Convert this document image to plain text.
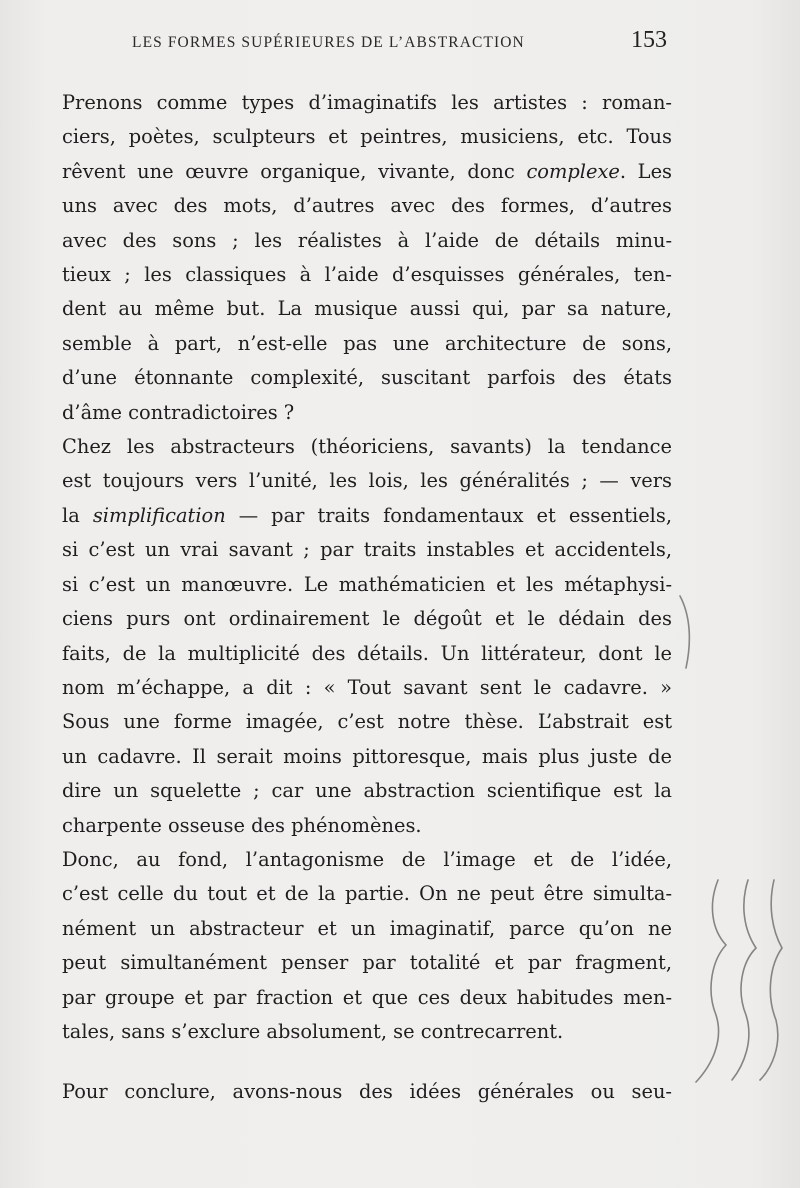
LES FORMES SUPÉRIEURES DE L’ABSTRACTION	153

Prenons comme types d’imaginatifs les artistes : roman-
ciers, poètes, sculpteurs et peintres, musiciens, etc. Tous
rêvent une œuvre organique, vivante, donc complexe. Les
uns avec des mots, d’autres avec des formes, d’autres
avec des sons ; les réalistes à l’aide de détails minu-
tieux ; les classiques à l’aide d’esquisses générales, ten-
dent au même but. La musique aussi qui, par sa nature,
semble à part, n’est-elle pas une architecture de sons,
d’une étonnante complexité, suscitant parfois des états
d’âme contradictoires ?

Chez les abstracteurs (théoriciens, savants) la tendance
est toujours vers l’unité, les lois, les généralités ; — vers
la simplification — par traits fondamentaux et essentiels,
si c’est un vrai savant ; par traits instables et accidentels,
si c’est un manœuvre. Le mathématicien et les métaphysi-
ciens purs ont ordinairement le dégoût et le dédain des
faits, de la multiplicité des détails. Un littérateur, dont le
nom m’échappe, a dit : « Tout savant sent le cadavre. »
Sous une forme imagée, c’est notre thèse. L’abstrait est
un cadavre. Il serait moins pittoresque, mais plus juste de
dire un squelette ; car une abstraction scientifique est la
charpente osseuse des phénomènes.

Donc, au fond, l’antagonisme de l’image et de l’idée,
c’est celle du tout et de la partie. On ne peut être simulta-
nément un abstracteur et un imaginatif, parce qu’on ne
peut simultanément penser par totalité et par fragment,
par groupe et par fraction et que ces deux habitudes men-
tales, sans s’exclure absolument, se contrecarrent.

Pour conclure, avons-nous des idées générales ou seu-
